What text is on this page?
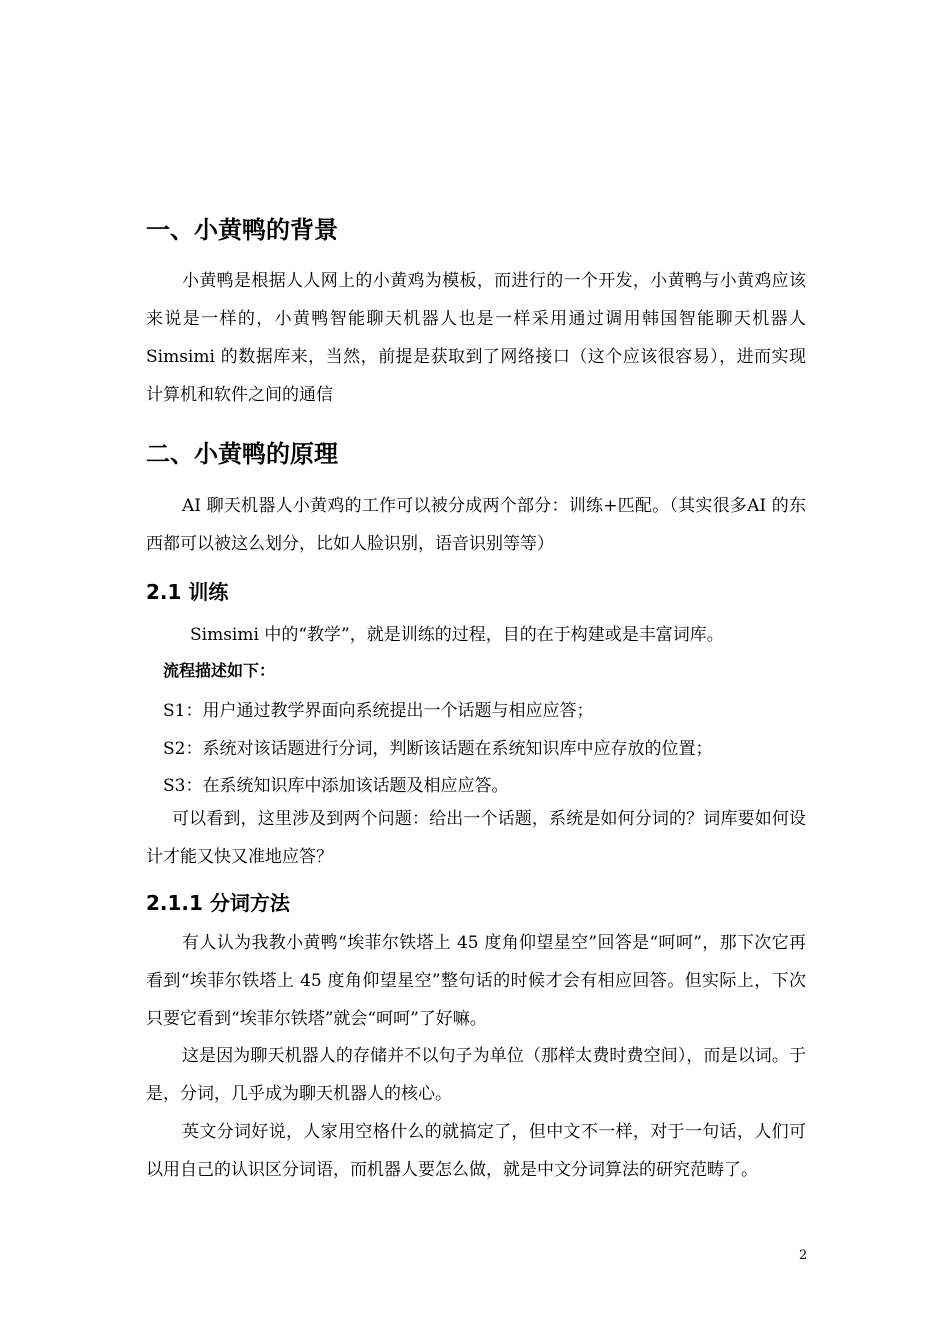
一、小黄鸭的背景

小黄鸭是根据人人网上的小黄鸡为模板，而进行的一个开发，小黄鸭与小黄鸡应该来说是一样的，小黄鸭智能聊天机器人也是一样采用通过调用韩国智能聊天机器人 Simsimi 的数据库来，当然，前提是获取到了网络接口（这个应该很容易），进而实现计算机和软件之间的通信

二、小黄鸭的原理

AI 聊天机器人小黄鸡的工作可以被分成两个部分：训练+匹配。（其实很多AI 的东西都可以被这么划分，比如人脸识别，语音识别等等）

2.1 训练

Simsimi 中的“教学”，就是训练的过程，目的在于构建或是丰富词库。

流程描述如下：

S1：用户通过教学界面向系统提出一个话题与相应应答；

S2：系统对该话题进行分词，判断该话题在系统知识库中应存放的位置；

S3：在系统知识库中添加该话题及相应应答。

可以看到，这里涉及到两个问题：给出一个话题，系统是如何分词的？词库要如何设计才能又快又准地应答？

2.1.1 分词方法

有人认为我教小黄鸭“埃菲尔铁塔上 45 度角仰望星空”回答是“呵呵”，那下次它再看到“埃菲尔铁塔上 45 度角仰望星空”整句话的时候才会有相应回答。但实际上，下次只要它看到“埃菲尔铁塔”就会“呵呵”了好嘛。

这是因为聊天机器人的存储并不以句子为单位（那样太费时费空间），而是以词。于是，分词，几乎成为聊天机器人的核心。

英文分词好说，人家用空格什么的就搞定了，但中文不一样，对于一句话，人们可以用自己的认识区分词语，而机器人要怎么做，就是中文分词算法的研究范畴了。

2
